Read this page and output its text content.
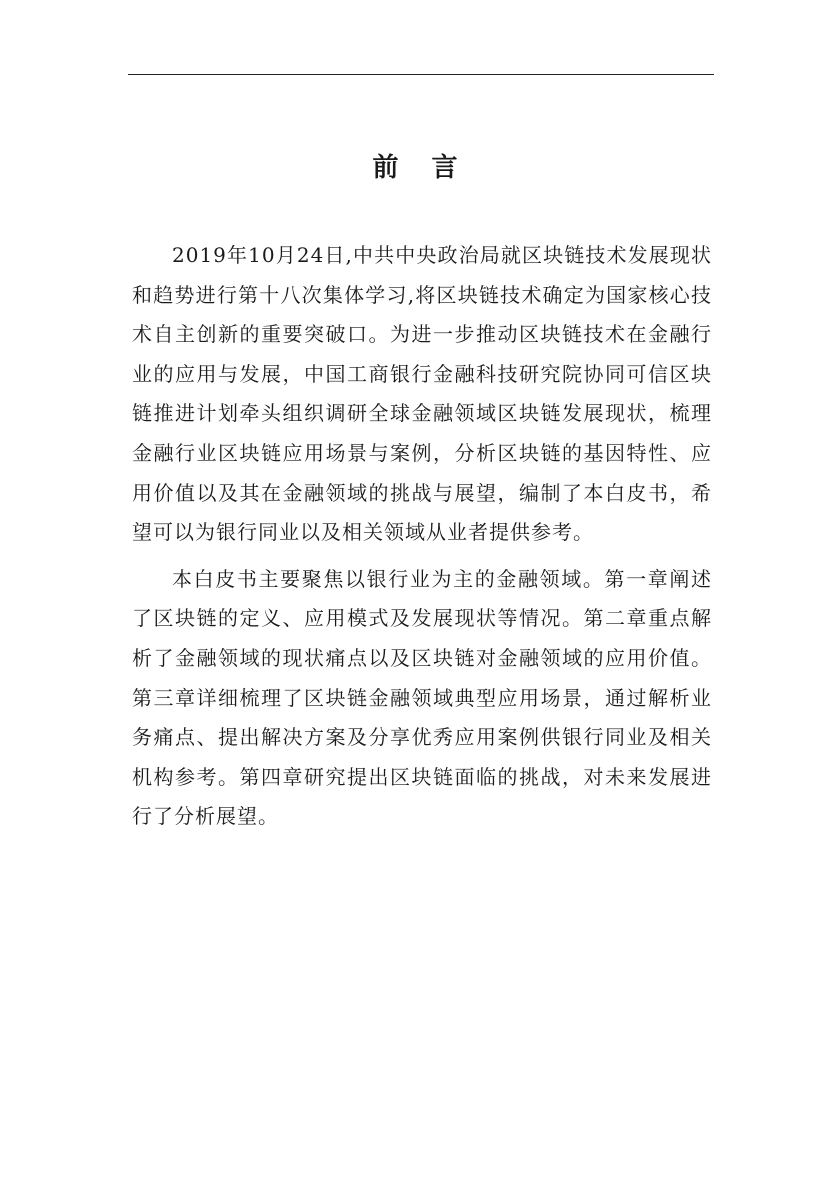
前 言

2019年10月24日,中共中央政治局就区块链技术发展现状和趋势进行第十八次集体学习,将区块链技术确定为国家核心技术自主创新的重要突破口。为进一步推动区块链技术在金融行业的应用与发展，中国工商银行金融科技研究院协同可信区块链推进计划牵头组织调研全球金融领域区块链发展现状，梳理金融行业区块链应用场景与案例，分析区块链的基因特性、应用价值以及其在金融领域的挑战与展望，编制了本白皮书，希望可以为银行同业以及相关领域从业者提供参考。

本白皮书主要聚焦以银行业为主的金融领域。第一章阐述了区块链的定义、应用模式及发展现状等情况。第二章重点解析了金融领域的现状痛点以及区块链对金融领域的应用价值。第三章详细梳理了区块链金融领域典型应用场景，通过解析业务痛点、提出解决方案及分享优秀应用案例供银行同业及相关机构参考。第四章研究提出区块链面临的挑战，对未来发展进行了分析展望。
